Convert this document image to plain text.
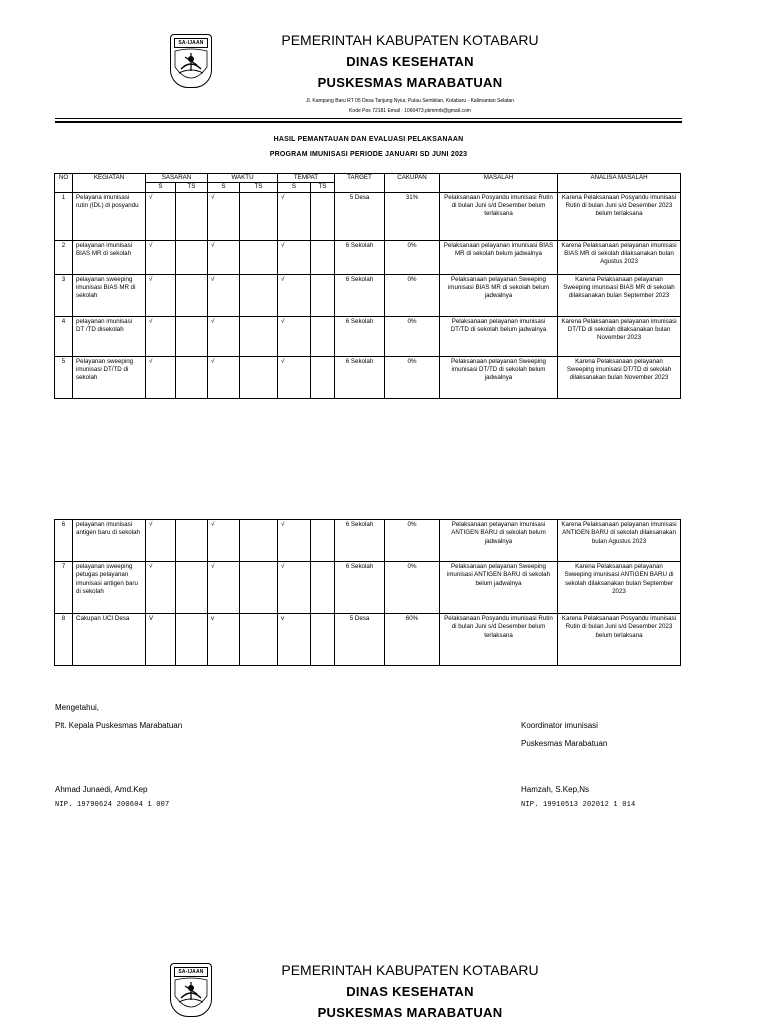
SA-IJAAN	PEMERINTAH KABUPATEN KOTABARU
DINAS KESEHATAN
PUSKESMAS MARABATUAN
Jl. Kampung Baru RT 05 Desa Tanjung Nyiur, Pulau Sembilan, Kotabaru - Kalimantan Selatan
Kode Pos 72181 Email : 1060473.pkmmrb@gmail.com
HASIL PEMANTAUAN DAN EVALUASI PELAKSANAAN
PROGRAM IMUNISASI PERIODE JANUARI SD JUNI 2023
NO	KEGIATAN	SASARAN		WAKTU		TEMPAT		TARGET	CAKUPAN	MASALAH	ANALISA MASALAH
		S	TS	S	TS	S	TS				
1	Pelayana imunisasi rutin (IDL) di posyandu	√		√		√		5 Desa	31%	Pelaksanaan Posyandu imunisasi Rutin di bulan Juni s/d Desember belum terlaksana	Karena Pelaksanaan Posyandu imunisasi Rutin di bulan Juni s/d Desember 2023 belum terlaksana
2	pelayanan imunisasi BIAS MR di sekolah	√		√		√		6 Sekolah	0%	Pelaksanaan pelayanan imunisasi BIAS MR di sekolah belum jadwalnya	Karena Pelaksanaan pelayanan imunisasi BIAS MR di sekolah dilaksanakan bulan Agustus 2023
3	pelayanan sweeping imunisasi BIAS MR di sekolah	√		√		√		6 Sekolah	0%	Pelaksanaan pelayanan Sweeping imunisasi BIAS MR di sekolah belum jadwalnya	Karena Pelaksanaan pelayanan Sweeping imunisasi BIAS MR di sekolah dilaksanakan bulan September 2023
4	pelayanan imunisasi DT /TD disekolah	√		√		√		6 Sekolah	0%	Pelaksanaan pelayanan imunisasi DT/TD di sekolah belum jadwalnya	Karena Pelaksanaan pelayanan imunisasi DT/TD di sekolah dilaksanakan bulan November 2023
5	Pelayanan sweeping imunisasi DT/TD di sekolah	√		√		√		6 Sekolah	0%	Pelaksanaan pelayanan Sweeping imunisasi DT/TD di sekolah belum jadwalnya	Karena Pelaksanaan pelayanan Sweeping imunisasi DT/TD di sekolah dilaksanakan bulan November 2023
6	pelayanan imunisasi antigen baru di sekolah	√		√		√		6 Sekolah	0%	Pelaksanaan pelayanan imunisasi ANTIGEN BARU di sekolah belum jadwalnya	Karena Pelaksanaan pelayanan imunisasi ANTIGEN BARU di sekolah dilaksanakan bulan Agustus 2023
7	pelayanan sweeping petugas pelayanan imunisasi antigen baru di sekolah	√		√		√		6 Sekolah	0%	Pelaksanaan pelayanan Sweeping imunisasi ANTIGEN BARU di sekolah belum jadwalnya	Karena Pelaksanaan pelayanan Sweeping imunisasi ANTIGEN BARU di sekolah dilaksanakan bulan September 2023
8	Cakupan UCI Desa	V		v		v		5 Desa	60%	Pelaksanaan Posyandu imunisasi Rutin di bulan Juni s/d Desember belum terlaksana	Karena Pelaksanaan Posyandu imunisasi Rutin di bulan Juni s/d Desember 2023 belum terlaksana
Mengetahui,
Plt. Kepala Puskesmas Marabatuan
Ahmad Junaedi, Amd.Kep
NIP. 19790624 200604 1 007
Koordinator imunisasi
Puskesmas Marabatuan
Hamzah, S.Kep,Ns
NIP. 19910513 202012 1 014
SA-IJAAN	PEMERINTAH KABUPATEN KOTABARU
DINAS KESEHATAN
PUSKESMAS MARABATUAN
